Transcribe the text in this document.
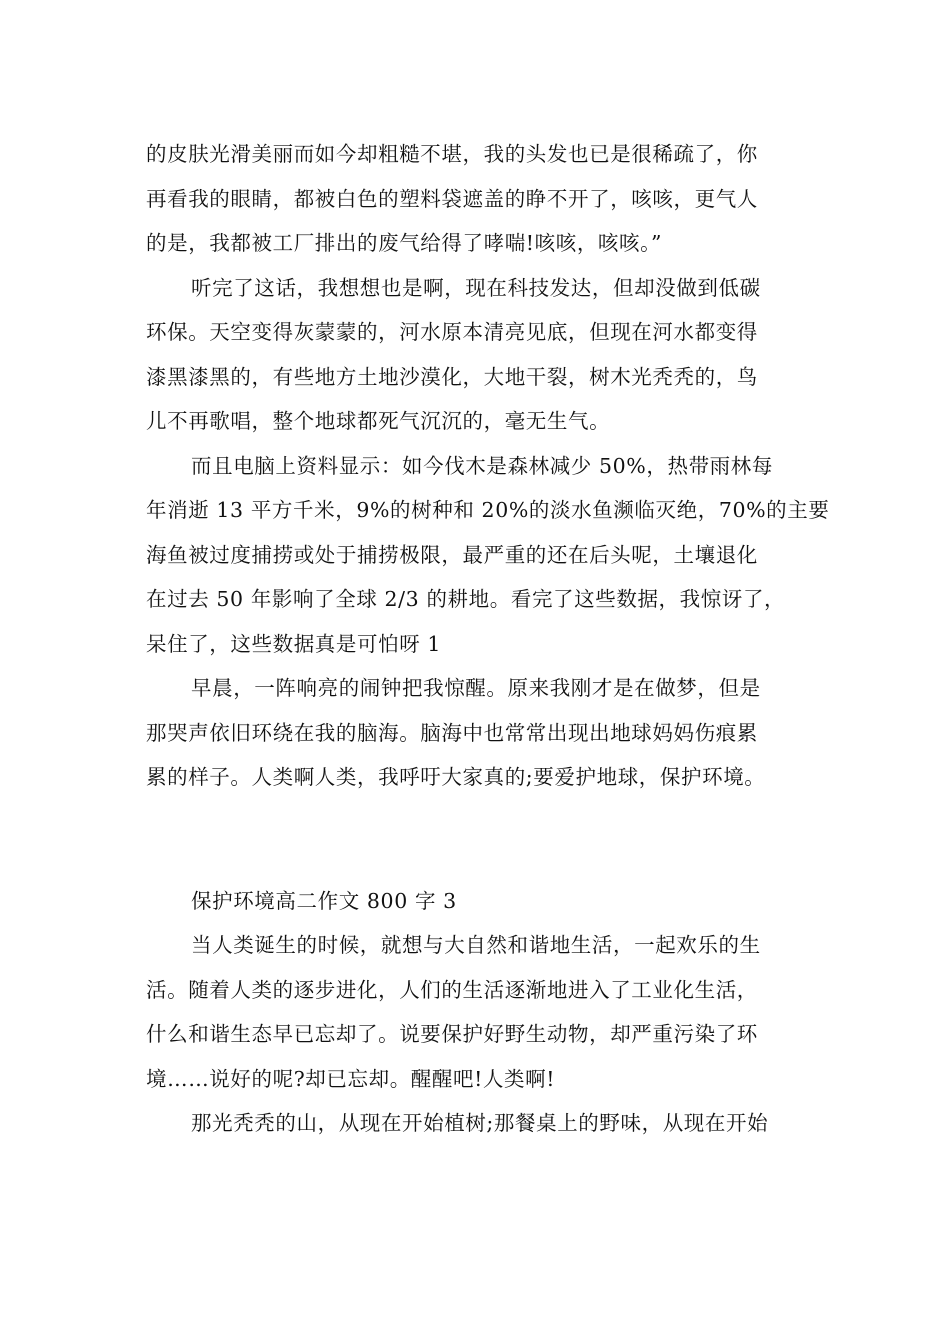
的皮肤光滑美丽而如今却粗糙不堪，我的头发也已是很稀疏了，你
再看我的眼睛，都被白色的塑料袋遮盖的睁不开了，咳咳，更气人
的是，我都被工厂排出的废气给得了哮喘!咳咳，咳咳。”
听完了这话，我想想也是啊，现在科技发达，但却没做到低碳
环保。天空变得灰蒙蒙的，河水原本清亮见底，但现在河水都变得
漆黑漆黑的，有些地方土地沙漠化，大地干裂，树木光秃秃的，鸟
儿不再歌唱，整个地球都死气沉沉的，毫无生气。
而且电脑上资料显示：如今伐木是森林减少 50%，热带雨林每
年消逝 13 平方千米，9%的树种和 20%的淡水鱼濒临灭绝，70%的主要
海鱼被过度捕捞或处于捕捞极限，最严重的还在后头呢，土壤退化
在过去 50 年影响了全球 2/3 的耕地。看完了这些数据，我惊讶了，
呆住了，这些数据真是可怕呀 1
早晨，一阵响亮的闹钟把我惊醒。原来我刚才是在做梦，但是
那哭声依旧环绕在我的脑海。脑海中也常常出现出地球妈妈伤痕累
累的样子。人类啊人类，我呼吁大家真的;要爱护地球，保护环境。
保护环境高二作文 800 字 3
当人类诞生的时候，就想与大自然和谐地生活，一起欢乐的生
活。随着人类的逐步进化，人们的生活逐渐地进入了工业化生活，
什么和谐生态早已忘却了。说要保护好野生动物，却严重污染了环
境……说好的呢?却已忘却。醒醒吧!人类啊!
那光秃秃的山，从现在开始植树;那餐桌上的野味，从现在开始
